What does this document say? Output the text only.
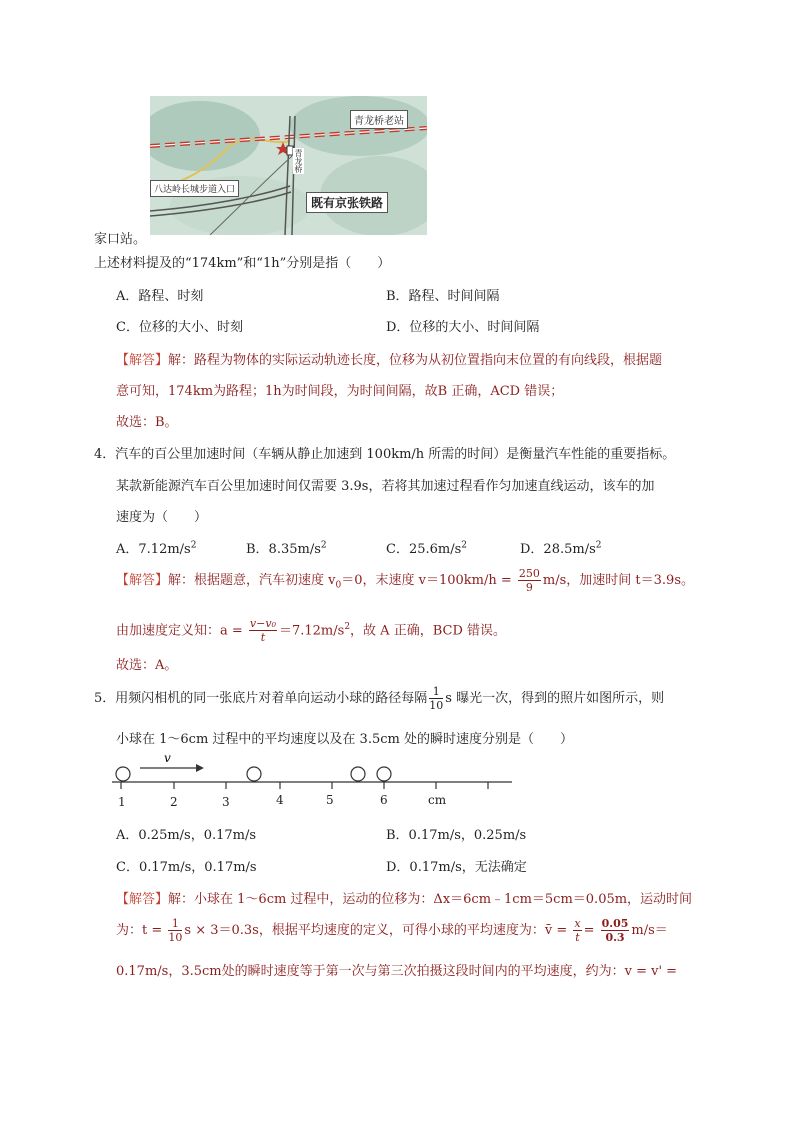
青龙桥老站
青龙桥
八达岭长城步道入口
既有京张铁路
家口站。
上述材料提及的“174km”和“1h”分别是指（　　）
A．路程、时刻	B．路程、时间间隔
C．位移的大小、时刻	D．位移的大小、时间间隔
【解答】解：路程为物体的实际运动轨迹长度，位移为从初位置指向末位置的有向线段，根据题
意可知，174km为路程；1h为时间段，为时间间隔，故B 正确，ACD 错误；
故选：B。
4．汽车的百公里加速时间（车辆从静止加速到 100km/h 所需的时间）是衡量汽车性能的重要指标。
某款新能源汽车百公里加速时间仅需要 3.9s，若将其加速过程看作匀加速直线运动，该车的加
速度为（　　）
A．$7.12m/s^2$	B．$8.35m/s^2$	C．$25.6m/s^2$	D．$28.5m/s^2$
【解答】解：根据题意，汽车初速度 $v_0=0$，末速度 $v=100km/h = \frac{250}{9} m/s$，加速时间 t＝3.9s。
由加速度定义知：$a = \frac{\text{v−v₀}}{t} =7.12m/s^2$，故 A 正确，BCD 错误。
故选：A。
5．用频闪相机的同一张底片对着单向运动小球的路径每隔 $\frac{1}{10}$ s 曝光一次，得到的照片如图所示，则
小球在 1～6cm 过程中的平均速度以及在 3.5cm 处的瞬时速度分别是（　　）
v
1	2	3	4	5	6	cm
A．0.25m/s，0.17m/s	B．0.17m/s，0.25m/s
C．0.17m/s，0.17m/s	D．0.17m/s，无法确定
【解答】解：小球在 1～6cm 过程中，运动的位移为：Δx＝6cm﹣1cm＝5cm＝0.05m，运动时间
为：$t = \frac{1}{10}$ s × 3＝0.3s，根据平均速度的定义，可得小球的平均速度为：v̄ = $\frac{x}{t} = \frac{0.05}{0.3} m/s=$
0.17m/s，3.5cm处的瞬时速度等于第一次与第三次拍摄这段时间内的平均速度，约为：v = v' =
